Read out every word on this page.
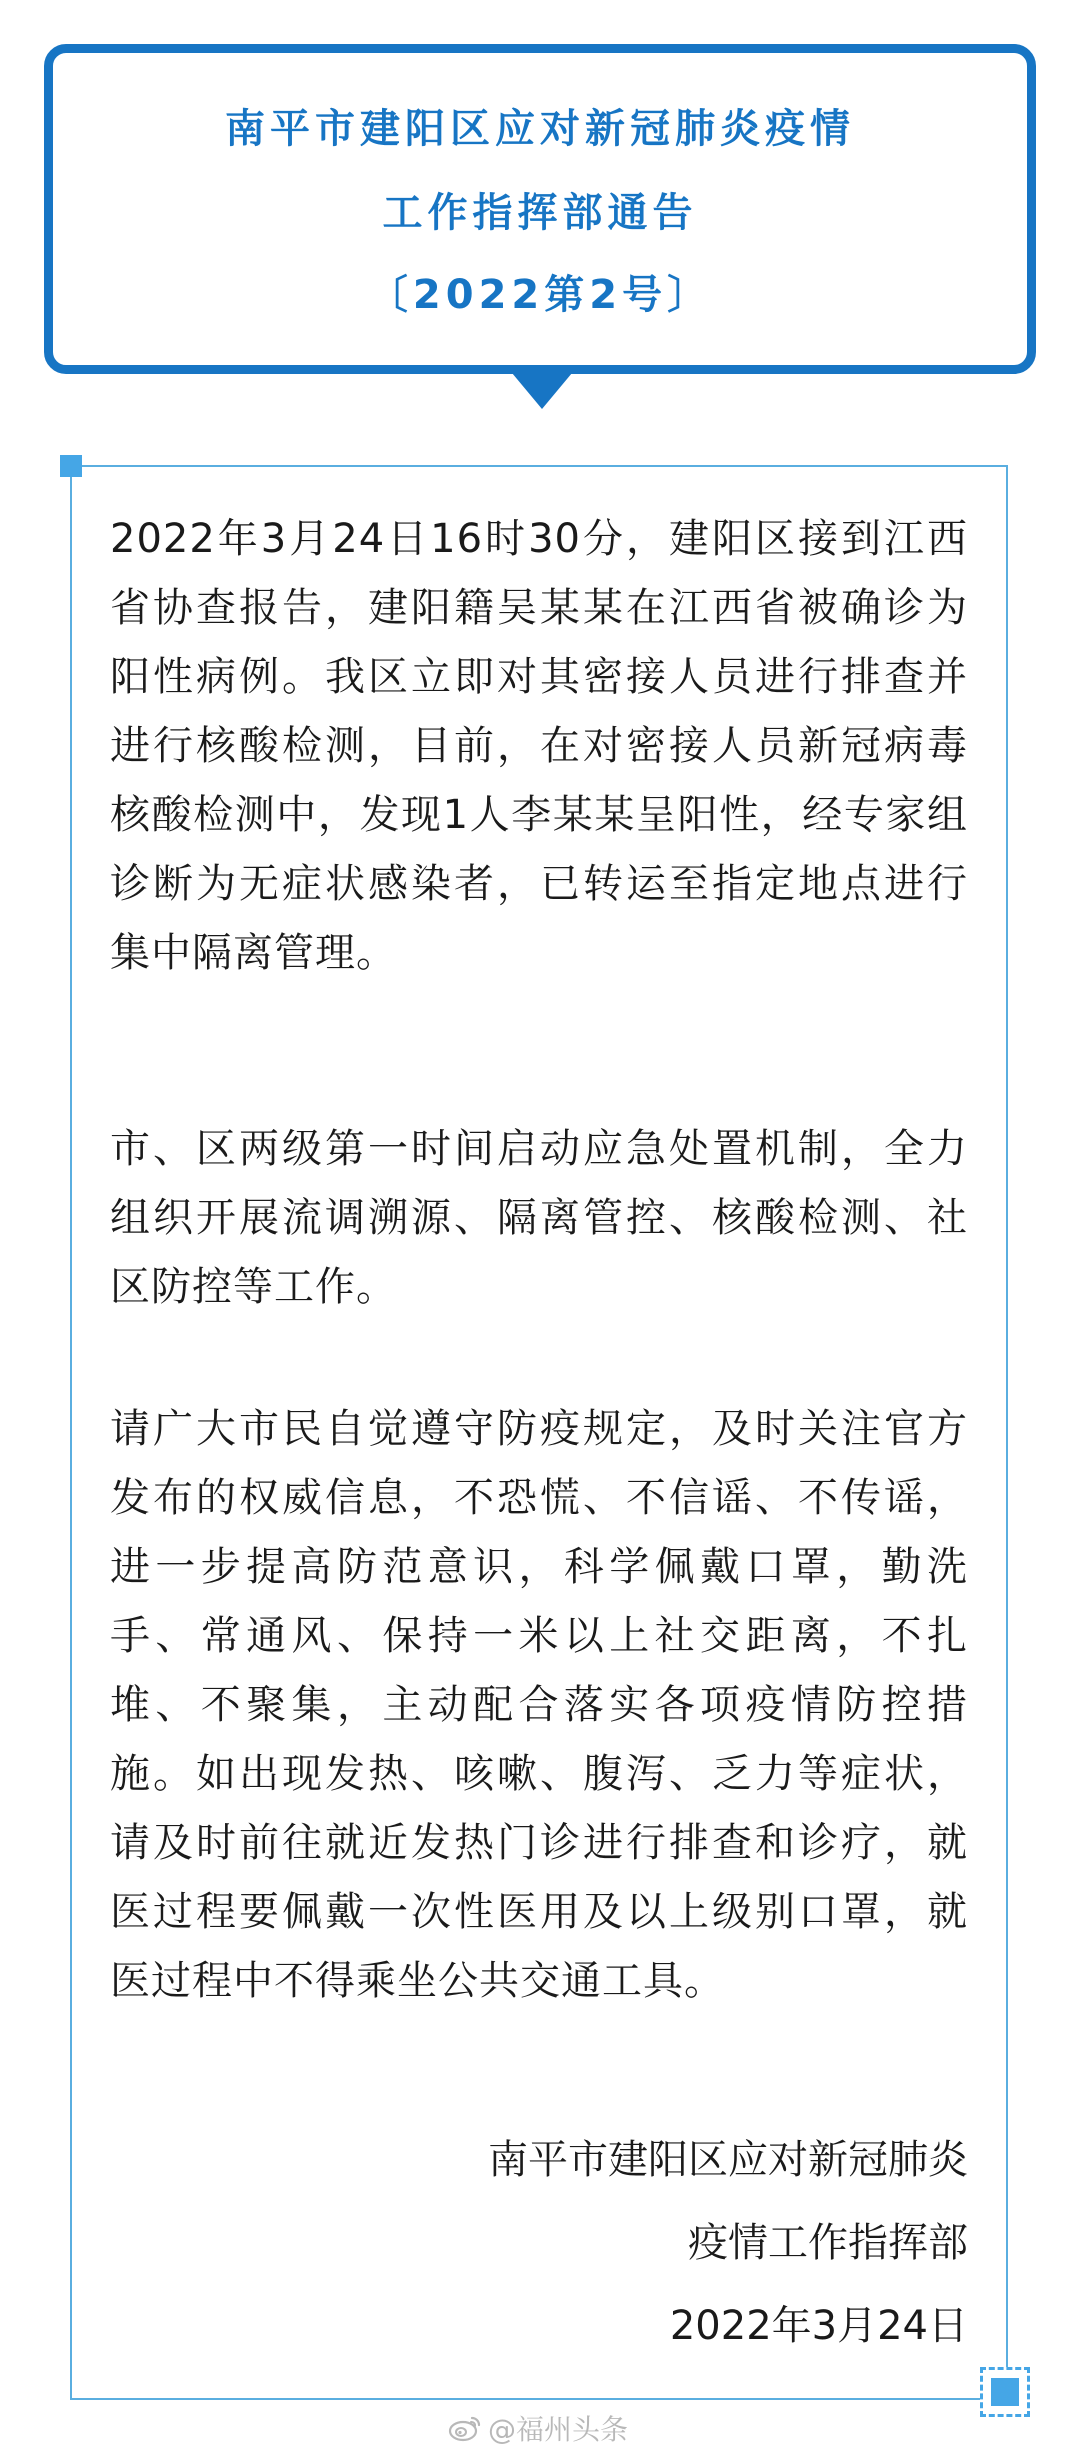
南平市建阳区应对新冠肺炎疫情
工作指挥部通告
〔2022第2号〕

2022年3月24日16时30分，建阳区接到江西省协查报告，建阳籍吴某某在江西省被确诊为阳性病例。我区立即对其密接人员进行排查并进行核酸检测，目前，在对密接人员新冠病毒核酸检测中，发现1人李某某呈阳性，经专家组诊断为无症状感染者，已转运至指定地点进行集中隔离管理。

市、区两级第一时间启动应急处置机制，全力组织开展流调溯源、隔离管控、核酸检测、社区防控等工作。

请广大市民自觉遵守防疫规定，及时关注官方发布的权威信息，不恐慌、不信谣、不传谣，进一步提高防范意识，科学佩戴口罩，勤洗手、常通风、保持一米以上社交距离，不扎堆、不聚集，主动配合落实各项疫情防控措施。如出现发热、咳嗽、腹泻、乏力等症状，请及时前往就近发热门诊进行排查和诊疗，就医过程要佩戴一次性医用及以上级别口罩，就医过程中不得乘坐公共交通工具。

南平市建阳区应对新冠肺炎

疫情工作指挥部

2022年3月24日

@福州头条
